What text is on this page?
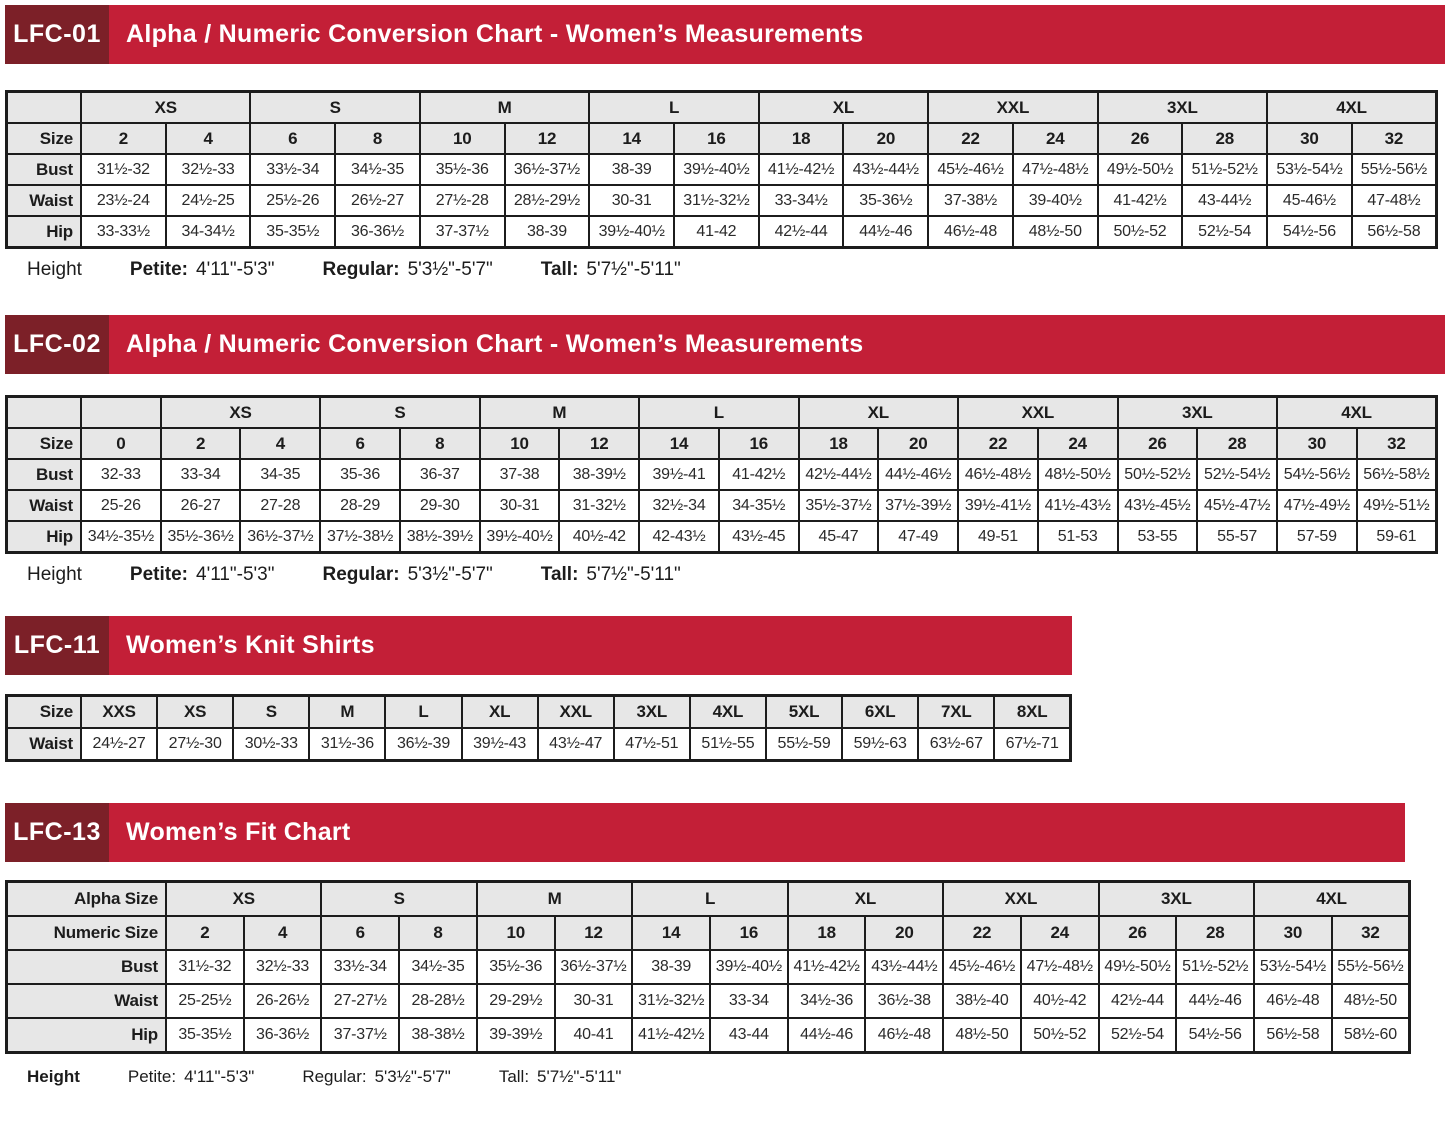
LFC-01	Alpha / Numeric Conversion Chart - Women’s Measurements
	XS		S		M		L		XL		XXL		3XL		4XL	
Size	2	4	6	8	10	12	14	16	18	20	22	24	26	28	30	32
Bust	31½-32	32½-33	33½-34	34½-35	35½-36	36½-37½	38-39	39½-40½	41½-42½	43½-44½	45½-46½	47½-48½	49½-50½	51½-52½	53½-54½	55½-56½
Waist	23½-24	24½-25	25½-26	26½-27	27½-28	28½-29½	30-31	31½-32½	33-34½	35-36½	37-38½	39-40½	41-42½	43-44½	45-46½	47-48½
Hip	33-33½	34-34½	35-35½	36-36½	37-37½	38-39	39½-40½	41-42	42½-44	44½-46	46½-48	48½-50	50½-52	52½-54	54½-56	56½-58
Height	Petite: 4'11"-5'3"	Regular: 5'3½"-5'7"	Tall: 5'7½"-5'11"
LFC-02	Alpha / Numeric Conversion Chart - Women’s Measurements
		XS		S		M		L		XL		XXL		3XL		4XL	
Size	0	2	4	6	8	10	12	14	16	18	20	22	24	26	28	30	32
Bust	32-33	33-34	34-35	35-36	36-37	37-38	38-39½	39½-41	41-42½	42½-44½	44½-46½	46½-48½	48½-50½	50½-52½	52½-54½	54½-56½	56½-58½
Waist	25-26	26-27	27-28	28-29	29-30	30-31	31-32½	32½-34	34-35½	35½-37½	37½-39½	39½-41½	41½-43½	43½-45½	45½-47½	47½-49½	49½-51½
Hip	34½-35½	35½-36½	36½-37½	37½-38½	38½-39½	39½-40½	40½-42	42-43½	43½-45	45-47	47-49	49-51	51-53	53-55	55-57	57-59	59-61
Height	Petite: 4'11"-5'3"	Regular: 5'3½"-5'7"	Tall: 5'7½"-5'11"
LFC-11	Women’s Knit Shirts
Size	XXS	XS	S	M	L	XL	XXL	3XL	4XL	5XL	6XL	7XL	8XL
Waist	24½-27	27½-30	30½-33	31½-36	36½-39	39½-43	43½-47	47½-51	51½-55	55½-59	59½-63	63½-67	67½-71
LFC-13	Women’s Fit Chart
Alpha Size	XS		S		M		L		XL		XXL		3XL		4XL	
Numeric Size	2	4	6	8	10	12	14	16	18	20	22	24	26	28	30	32
Bust	31½-32	32½-33	33½-34	34½-35	35½-36	36½-37½	38-39	39½-40½	41½-42½	43½-44½	45½-46½	47½-48½	49½-50½	51½-52½	53½-54½	55½-56½
Waist	25-25½	26-26½	27-27½	28-28½	29-29½	30-31	31½-32½	33-34	34½-36	36½-38	38½-40	40½-42	42½-44	44½-46	46½-48	48½-50
Hip	35-35½	36-36½	37-37½	38-38½	39-39½	40-41	41½-42½	43-44	44½-46	46½-48	48½-50	50½-52	52½-54	54½-56	56½-58	58½-60
Height	Petite: 4'11"-5'3"	Regular: 5'3½"-5'7"	Tall: 5'7½"-5'11"
